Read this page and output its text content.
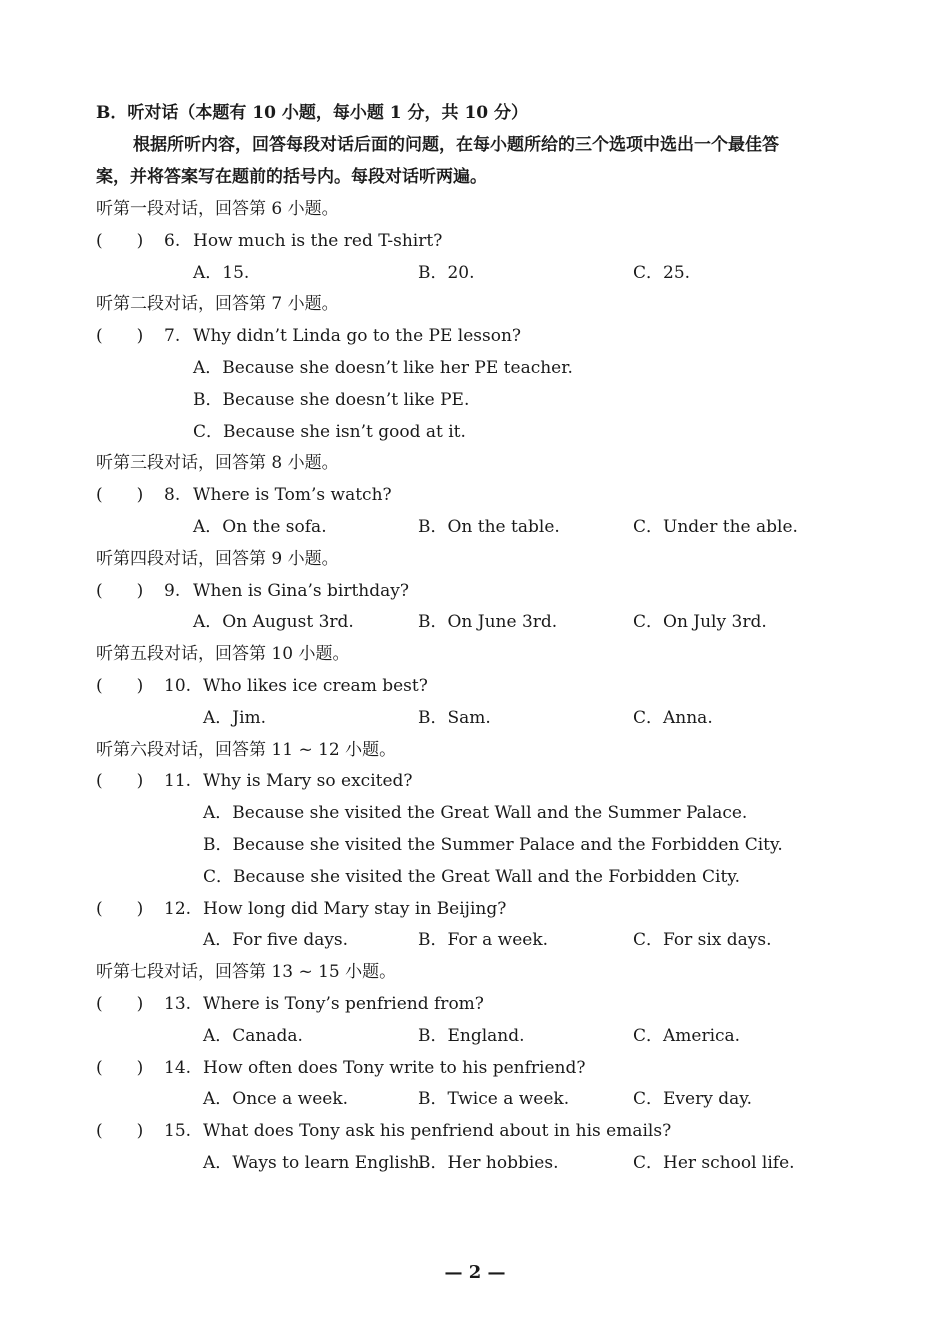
B．听对话（本题有 10 小题，每小题 1 分，共 10 分）
根据所听内容，回答每段对话后面的问题，在每小题所给的三个选项中选出一个最佳答
案，并将答案写在题前的括号内。每段对话听两遍。
听第一段对话，回答第 6 小题。
(　　) 6. How much is the red T-shirt?
A．15.	B．20.	C．25.
听第二段对话，回答第 7 小题。
(　　) 7. Why didn’t Linda go to the PE lesson?
A．Because she doesn’t like her PE teacher.
B．Because she doesn’t like PE.
C．Because she isn’t good at it.
听第三段对话，回答第 8 小题。
(　　) 8. Where is Tom’s watch?
A．On the sofa.	B．On the table.	C．Under the able.
听第四段对话，回答第 9 小题。
(　　) 9. When is Gina’s birthday?
A．On August 3rd.	B．On June 3rd.	C．On July 3rd.
听第五段对话，回答第 10 小题。
(　　) 10. Who likes ice cream best?
A．Jim.	B．Sam.	C．Anna.
听第六段对话，回答第 11 ~ 12 小题。
(　　) 11. Why is Mary so excited?
A．Because she visited the Great Wall and the Summer Palace.
B．Because she visited the Summer Palace and the Forbidden City.
C．Because she visited the Great Wall and the Forbidden City.
(　　) 12. How long did Mary stay in Beijing?
A．For five days.	B．For a week.	C．For six days.
听第七段对话，回答第 13 ~ 15 小题。
(　　) 13. Where is Tony’s penfriend from?
A．Canada.	B．England.	C．America.
(　　) 14. How often does Tony write to his penfriend?
A．Once a week.	B．Twice a week.	C．Every day.
(　　) 15. What does Tony ask his penfriend about in his emails?
A．Ways to learn English.
B．Her hobbies.	C．Her school life.
— 2 —
